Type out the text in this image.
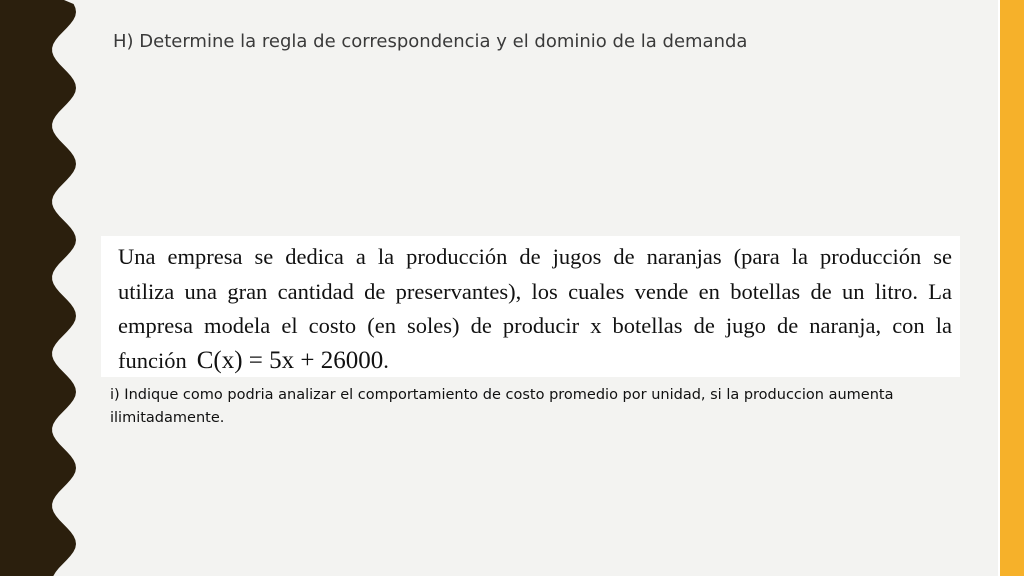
H) Determine la regla de correspondencia y el dominio de la demanda
Una empresa se dedica a la producción de jugos de naranjas (para la producción se
utiliza una gran cantidad de preservantes), los cuales vende en botellas de un litro. La
empresa modela el costo (en soles) de producir x botellas de jugo de naranja, con la
función C(x) = 5x + 26000.

i) Indique como podria analizar el comportamiento de costo promedio por unidad, si la produccion aumenta ilimitadamente.
